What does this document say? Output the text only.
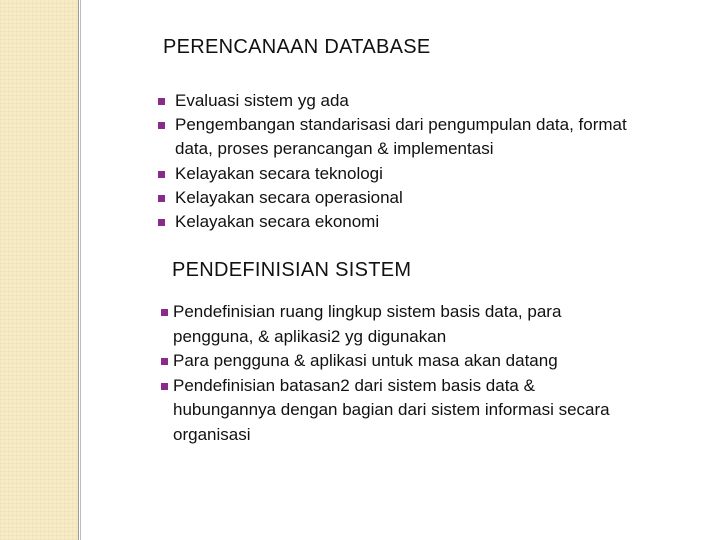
PERENCANAAN DATABASE
Evaluasi sistem yg ada
Pengembangan standarisasi dari pengumpulan data, format data, proses perancangan & implementasi
Kelayakan secara teknologi
Kelayakan secara operasional
Kelayakan secara ekonomi
PENDEFINISIAN SISTEM
Pendefinisian ruang lingkup sistem basis data, para pengguna, & aplikasi2 yg digunakan
Para pengguna & aplikasi untuk masa akan datang
Pendefinisian batasan2 dari sistem basis data & hubungannya dengan bagian dari sistem informasi secara organisasi
